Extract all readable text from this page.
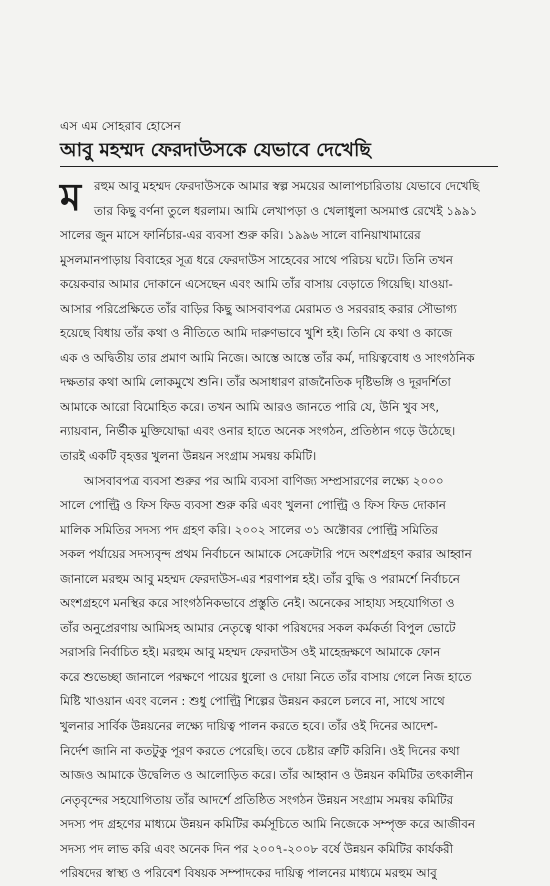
এস এম সোহরাব হোসেন
আবু মহম্মদ ফেরদাউসকে যেভাবে দেখেছি
ম	রহুম আবু মহম্মদ ফেরদাউসকে আমার স্বল্প সময়ের আলাপচারিতায় যেভাবে দেখেছি
তার কিছু বর্ণনা তুলে ধরলাম। আমি লেখাপড়া ও খেলাধুলা অসমাপ্ত রেখেই ১৯৯১
সালের জুন মাসে ফার্নিচার-এর ব্যবসা শুরু করি। ১৯৯৬ সালে বানিয়াখামারের
মুসলমানপাড়ায় বিবাহের সূত্র ধরে ফেরদাউস সাহেবের সাথে পরিচয় ঘটে। তিনি তখন
কয়েকবার আমার দোকানে এসেছেন এবং আমি তাঁর বাসায় বেড়াতে গিয়েছি। যাওয়া-
আসার পরিপ্রেক্ষিতে তাঁর বাড়ির কিছু আসবাবপত্র মেরামত ও সরবরাহ করার সৌভাগ্য
হয়েছে বিধায় তাঁর কথা ও নীতিতে আমি দারুণভাবে খুশি হই। তিনি যে কথা ও কাজে
এক ও অদ্বিতীয় তার প্রমাণ আমি নিজে। আস্তে আস্তে তাঁর কর্ম, দায়িত্ববোধ ও সাংগঠনিক
দক্ষতার কথা আমি লোকমুখে শুনি। তাঁর অসাধারণ রাজনৈতিক দৃষ্টিভঙ্গি ও দূরদর্শিতা
আমাকে আরো বিমোহিত করে। তখন আমি আরও জানতে পারি যে, উনি খুব সৎ,
ন্যায়বান, নির্ভীক মুক্তিযোদ্ধা এবং ওনার হাতে অনেক সংগঠন, প্রতিষ্ঠান গড়ে উঠেছে।
তারই একটি বৃহত্তর খুলনা উন্নয়ন সংগ্রাম সমন্বয় কমিটি।
আসবাবপত্র ব্যবসা শুরুর পর আমি ব্যবসা বাণিজ্য সম্প্রসারণের লক্ষ্যে ২০০০
সালে পোল্ট্রি ও ফিস ফিড ব্যবসা শুরু করি এবং খুলনা পোল্ট্রি ও ফিস ফিড দোকান
মালিক সমিতির সদস্য পদ গ্রহণ করি। ২০০২ সালের ৩১ অক্টোবর পোল্ট্রি সমিতির
সকল পর্যায়ের সদস্যবৃন্দ প্রথম নির্বাচনে আমাকে সেক্রেটারি পদে অংশগ্রহণ করার আহ্বান
জানালে মরহুম আবু মহম্মদ ফেরদাউস-এর শরণাপন্ন হই। তাঁর বুদ্ধি ও পরামর্শে নির্বাচনে
অংশগ্রহণে মনস্থির করে সাংগঠনিকভাবে প্রস্তুতি নেই। অনেকের সাহায্য সহযোগিতা ও
তাঁর অনুপ্রেরণায় আমিসহ আমার নেতৃত্বে থাকা পরিষদের সকল কর্মকর্তা বিপুল ভোটে
সরাসরি নির্বাচিত হই। মরহুম আবু মহম্মদ ফেরদাউস ওই মাহেন্দ্রক্ষণে আমাকে ফোন
করে শুভেচ্ছা জানালে পরক্ষণে পায়ের ধুলো ও দোয়া নিতে তাঁর বাসায় গেলে নিজ হাতে
মিষ্টি খাওয়ান এবং বলেন : শুধু পোল্ট্রি শিল্পের উন্নয়ন করলে চলবে না, সাথে সাথে
খুলনার সার্বিক উন্নয়নের লক্ষ্যে দায়িত্ব পালন করতে হবে। তাঁর ওই দিনের আদেশ-
নির্দেশ জানি না কতটুকু পূরণ করতে পেরেছি। তবে চেষ্টার ত্রুটি করিনি। ওই দিনের কথা
আজও আমাকে উদ্বেলিত ও আলোড়িত করে। তাঁর আহ্বান ও উন্নয়ন কমিটির তৎকালীন
নেতৃবৃন্দের সহযোগিতায় তাঁর আদর্শে প্রতিষ্ঠিত সংগঠন উন্নয়ন সংগ্রাম সমন্বয় কমিটির
সদস্য পদ গ্রহণের মাধ্যমে উন্নয়ন কমিটির কর্মসূচিতে আমি নিজেকে সম্পৃক্ত করে আজীবন
সদস্য পদ লাভ করি এবং অনেক দিন পর ২০০৭-২০০৮ বর্ষে উন্নয়ন কমিটির কার্যকরী
পরিষদের স্বাস্থ্য ও পরিবেশ বিষয়ক সম্পাদকের দায়িত্ব পালনের মাধ্যমে মরহুম আবু
